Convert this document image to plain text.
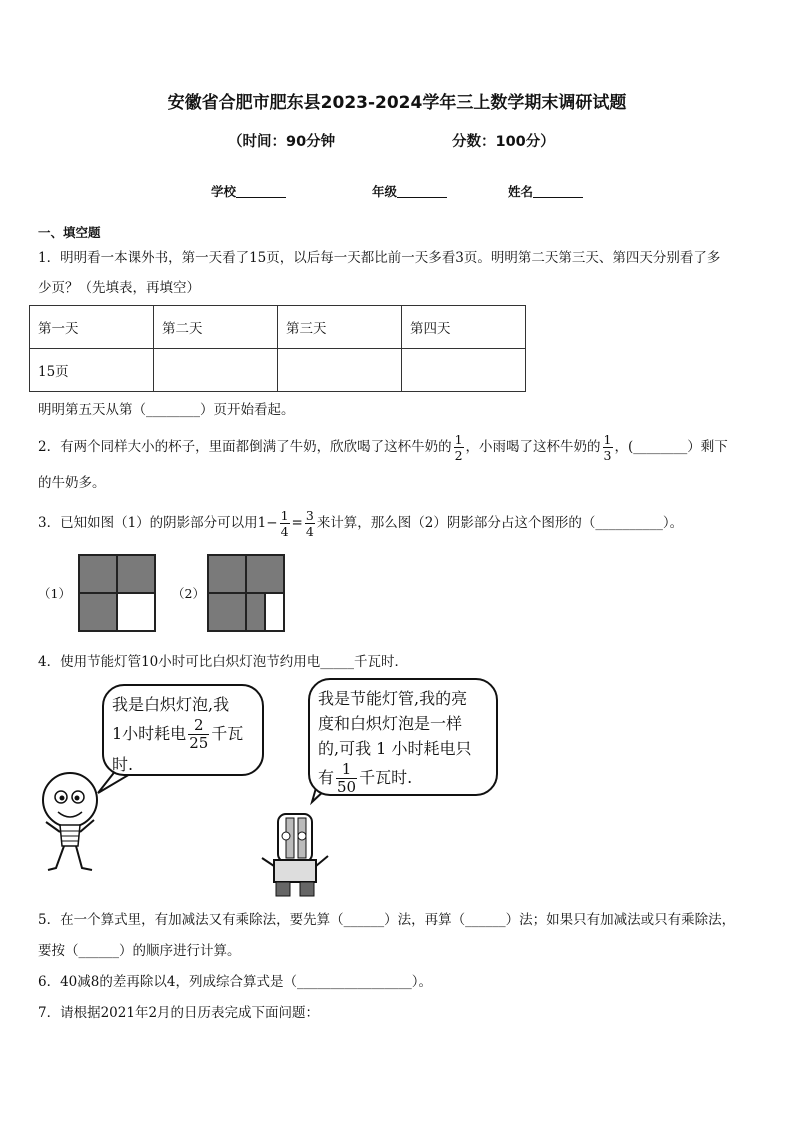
安徽省合肥市肥东县2023-2024学年三上数学期末调研试题
（时间：90分钟	分数：100分）
学校	年级	姓名
一、填空题
1．明明看一本课外书，第一天看了15页，以后每一天都比前一天多看3页。明明第二天第三天、第四天分别看了多
少页？（先填表，再填空）
第一天	第二天	第三天	第四天
15页			
明明第五天从第（________）页开始看起。
2．有两个同样大小的杯子，里面都倒满了牛奶，欣欣喝了这杯牛奶的 $\frac{1}{2}$ ，小雨喝了这杯牛奶的 $\frac{1}{3}$ ，(________）剩下
的牛奶多。
3．已知如图（1）的阴影部分可以用$1- \frac{1}{4} = \frac{3}{4}$ 来计算，那么图（2）阴影部分占这个图形的（__________）。
（1）	（2）
4．使用节能灯管10小时可比白炽灯泡节约用电_____千瓦时．
我是白炽灯泡,我
1小时耗电 $\frac{2}{25}$ 千瓦
时.
我是节能灯管,我的亮
度和白炽灯泡是一样
的,可我 1 小时耗电只
有 $\frac{1}{50}$ 千瓦时.
5．在一个算式里，有加减法又有乘除法，要先算（______）法，再算（______）法；如果只有加减法或只有乘除法，
要按（______）的顺序进行计算。
6．40减8的差再除以4，列成综合算式是（_________________）。
7．请根据2021年2月的日历表完成下面问题：
